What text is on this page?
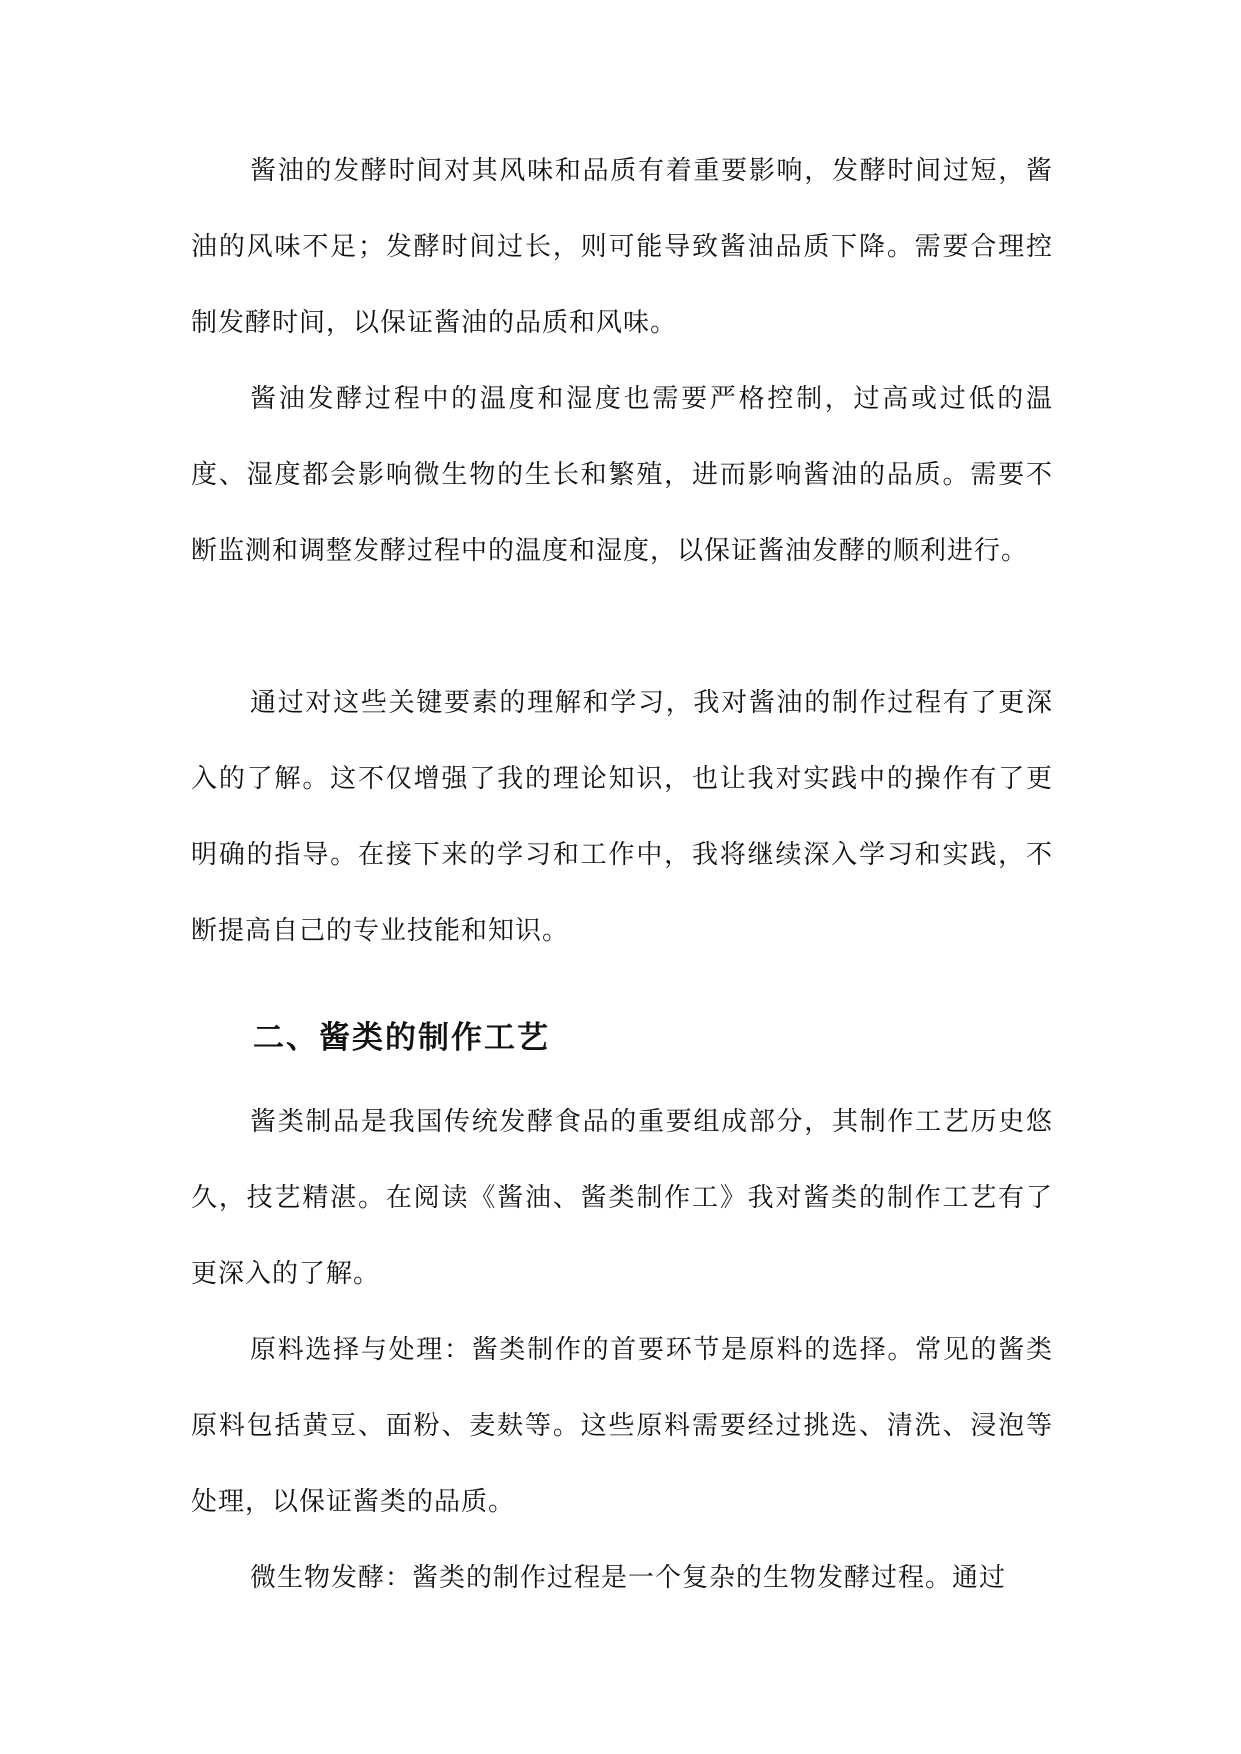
酱油的发酵时间对其风味和品质有着重要影响，发酵时间过短，酱油的风味不足；发酵时间过长，则可能导致酱油品质下降。需要合理控制发酵时间，以保证酱油的品质和风味。

酱油发酵过程中的温度和湿度也需要严格控制，过高或过低的温度、湿度都会影响微生物的生长和繁殖，进而影响酱油的品质。需要不断监测和调整发酵过程中的温度和湿度，以保证酱油发酵的顺利进行。

通过对这些关键要素的理解和学习，我对酱油的制作过程有了更深入的了解。这不仅增强了我的理论知识，也让我对实践中的操作有了更明确的指导。在接下来的学习和工作中，我将继续深入学习和实践，不断提高自己的专业技能和知识。

二、酱类的制作工艺

酱类制品是我国传统发酵食品的重要组成部分，其制作工艺历史悠久，技艺精湛。在阅读《酱油、酱类制作工》我对酱类的制作工艺有了更深入的了解。

原料选择与处理：酱类制作的首要环节是原料的选择。常见的酱类原料包括黄豆、面粉、麦麸等。这些原料需要经过挑选、清洗、浸泡等处理，以保证酱类的品质。

微生物发酵：酱类的制作过程是一个复杂的生物发酵过程。通过
